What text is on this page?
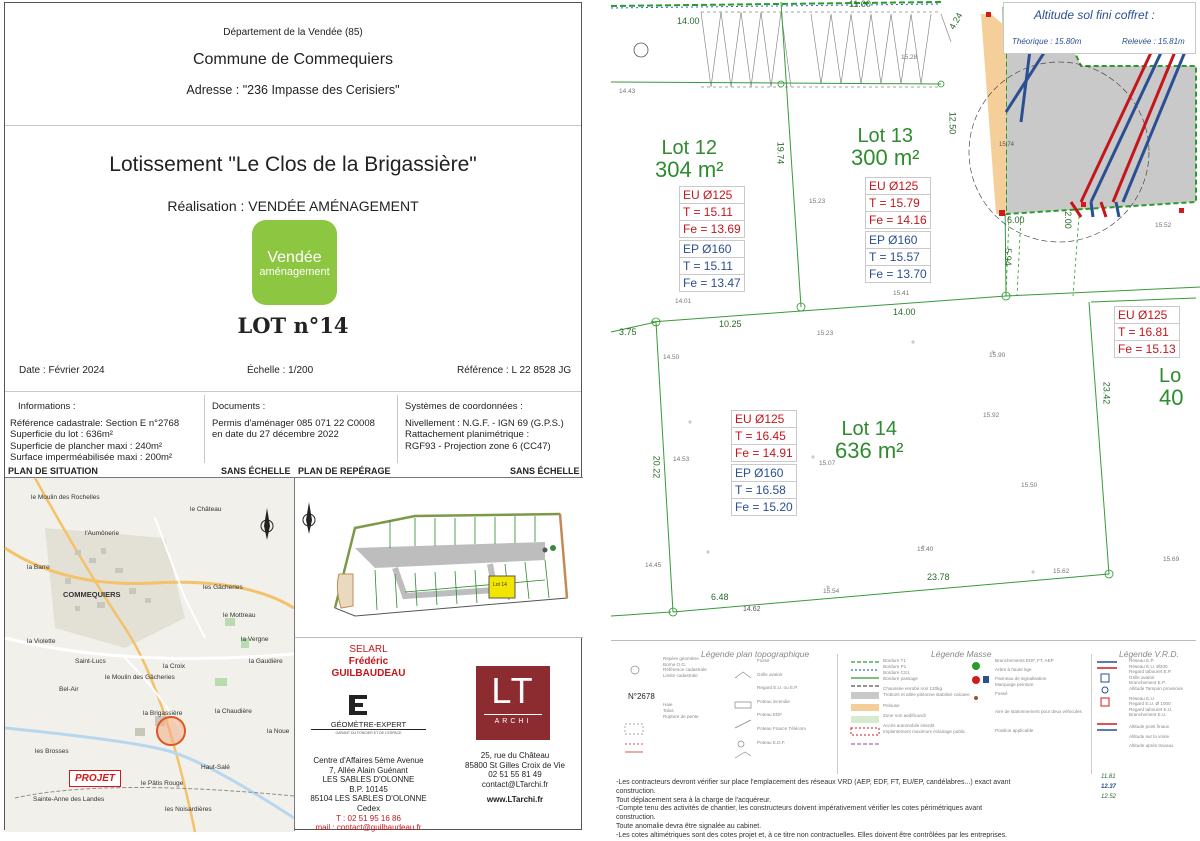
Département de la Vendée (85)
Commune de Commequiers
Adresse : "236 Impasse des Cerisiers"
Lotissement "Le Clos de la Brigassière"
Réalisation : VENDÉE AMÉNAGEMENT
Vendée
aménagement
LOT n°14
Date : Février 2024	Échelle : 1/200	Référence : L 22 8528 JG
Informations :
Référence cadastrale: Section E n°2768
Superficie du lot : 636m²
Superficie de plancher maxi : 240m²
Surface imperméabilisée maxi : 200m²
Documents :
Permis d'aménager 085 071 22 C0008
en date du 27 décembre 2022
Systèmes de coordonnées :
Nivellement : N.G.F. - IGN 69 (G.P.S.)
Rattachement planimétrique :
RGF93 - Projection zone 6 (CC47)
PLAN DE SITUATION	SANS ÉCHELLE PLAN DE REPÉRAGE	SANS ÉCHELLE
le Château
le Moulin des Rochelles
l'Aumônerie
la Barre
COMMEQUIERS
les Gâcheries
le Mottreau
la Vergne
la Violette
Saint-Lucs
le Moulin des Gâcheries
la Croix
Bel-Air
la Gaudière
la Brigassière	la Chaudière
la Noue
les Brosses
le Pâtis Rouge
Haut-Salé
les Noisardières
Sainte-Anne des Landes
PROJET
Lot 14
SELARL
Frédéric
GUILBAUDEAU
GÉOMÈTRE-EXPERT
GARANT DU FONCIER ET DE L'ESPACE
Centre d'Affaires 5ème Avenue
7, Allée Alain Guénant
LES SABLES D'OLONNE
B.P. 10145
85104 LES SABLES D'OLONNE
Cedex
T : 02 51 95 16 86
mail : contact@guilbaudeau.fr
LT
ARCHI
25, rue du Château
85800 St Gilles Croix de Vie
02 51 55 81 49
contact@LTarchi.fr
www.LTarchi.fr
Altitude sol fini coffret :
Théorique : 15.80m	Relevée : 15.81m
Lot 12
304 m²
Lot 13
300 m²
Lot 14
636 m²
Lo
40
EU Ø125
T = 15.11
Fe = 13.69
EP Ø160
T = 15.11
Fe = 13.47
EU Ø125
T = 15.79
Fe = 14.16
EP Ø160
T = 15.57
Fe = 13.70
EU Ø125
T = 16.45
Fe = 14.91
EP Ø160
T = 16.58
Fe = 15.20
EU Ø125
T = 16.81
Fe = 15.13
14.00
11.00
4.24
19.74
12.50
10.25
14.00
3.75
6.00	2.00
5.94
20.22
23.42
6.48
23.78
15.74
14.62
14.43
15.28
15.23
15.41
14.01
14.50
15.23
15.92
14.53
15.90
15.07
15.40
14.45
15.54
15.69
15.50
15.62
15.52
Légende plan topographique	Légende Masse	Légende V.R.D.
N°2678
Repère géomètre
Borne O.G.
Référence cadastrale
Limite cadastrale
Haie
Talus
Rupture de pente
Fossé
Grille avaloir
Regard E.U. ou E.P.
Poteau incendie
Poteau EDF
Poteau France Télécom
Poteau E.D.F.
Bordure T1
Bordure P1
Bordure CS1
Bordure passage
Chaussée enrobé noir 120kg
Trottoirs et allée piétonne stabilisé calcaire
Pelouse
Zone non aedificandi
Accès automobile interdit
Implantement maximum éclairage public
Branchements EDF, FT, AEP
Arbre à haute tige
Panneau de signalisation
Marquage peinture
Fossé
Aire de stationnement pour deux véhicules
Position applicable
Réseau E.P.
Réseau E.U. Ø200
Regard tabouret E.P.
Grille avaloir
Branchement E.P.
Altitude Tampon provisoire
Réseau E.U.
Regard E.U. Ø 1000
Regard tabouret E.U.
Branchement E.U.
Altitude point finaux
Altitude sur la voirie
Altitude après travaux
11.81
12.37
12.52
-Les contracteurs devront vérifier sur place l'emplacement des réseaux VRD (AEP, EDF, FT, EU/EP, candélabres...) exact avant construction.
Tout déplacement sera à la charge de l'acquéreur.
-Compte tenu des activités de chantier, les constructeurs doivent impérativement vérifier les cotes périmétriques avant construction.
Toute anomalie devra être signalée au cabinet.
-Les cotes altimétriques sont des cotes projet et, à ce titre non contractuelles. Elles doivent être contrôlées par les entreprises.
